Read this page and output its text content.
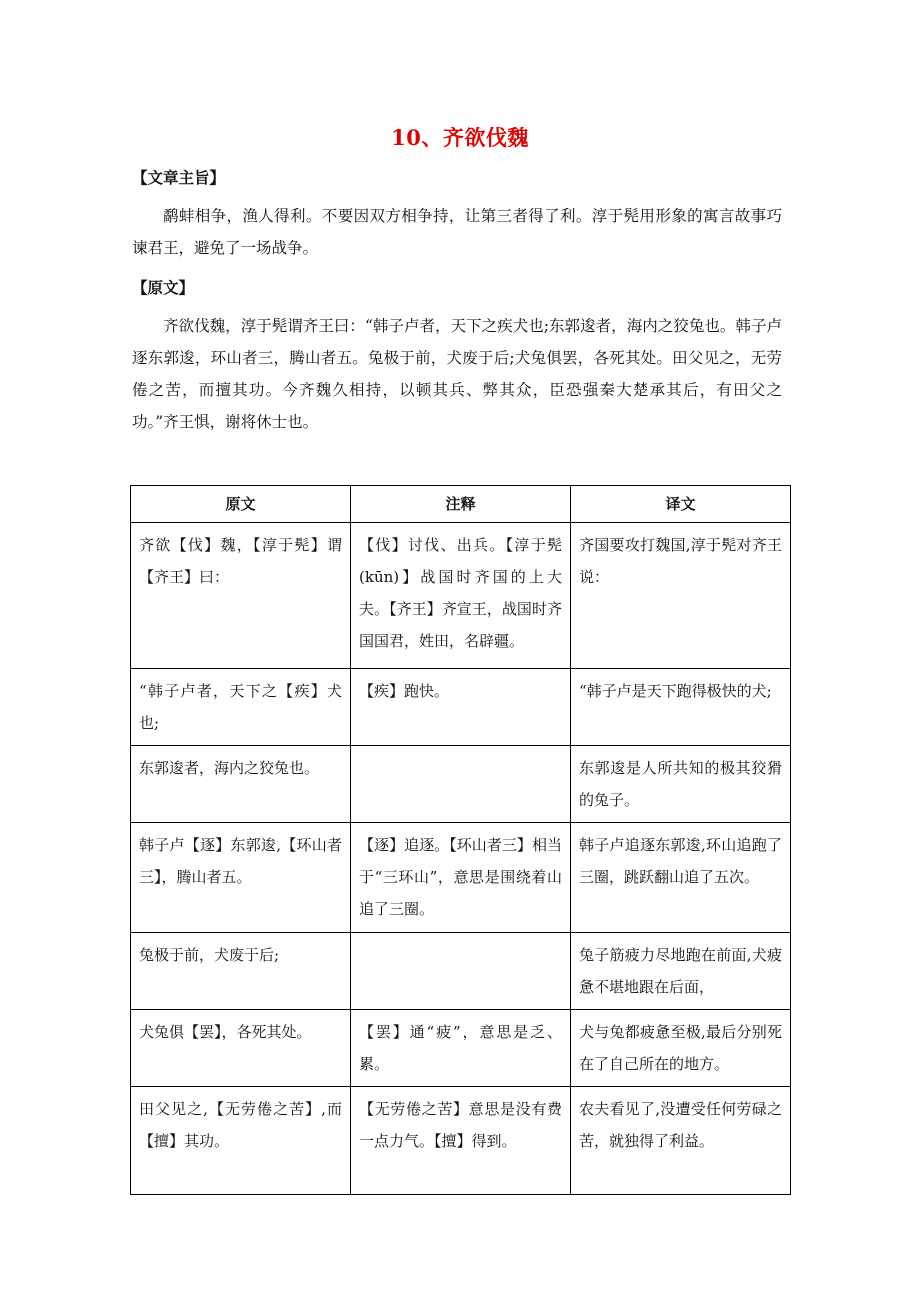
10、齐欲伐魏
【文章主旨】
鹬蚌相争，渔人得利。不要因双方相争持，让第三者得了利。淳于髡用形象的寓言故事巧谏君王，避免了一场战争。
【原文】
齐欲伐魏，淳于髡谓齐王曰：“韩子卢者，天下之疾犬也;东郭逡者，海内之狡兔也。韩子卢逐东郭逡，环山者三，腾山者五。兔极于前，犬废于后;犬兔俱罢，各死其处。田父见之，无劳倦之苦，而擅其功。今齐魏久相持，以顿其兵、弊其众，臣恐强秦大楚承其后，有田父之功。”齐王惧，谢将休士也。
原文	注释	译文
齐欲【伐】魏，【淳于髡】谓【齐王】曰：	【伐】讨伐、出兵。【淳于髡(kūn)】战国时齐国的上大夫。【齐王】齐宣王，战国时齐国国君，姓田，名辟疆。	齐国要攻打魏国,淳于髡对齐王说：
“韩子卢者，天下之【疾】犬也;	【疾】跑快。	“韩子卢是天下跑得极快的犬;
东郭逡者，海内之狡兔也。		东郭逡是人所共知的极其狡猾的兔子。
韩子卢【逐】东郭逡,【环山者三】，腾山者五。	【逐】追逐。【环山者三】相当于“三环山”，意思是围绕着山追了三圈。	韩子卢追逐东郭逡,环山追跑了三圈，跳跃翻山追了五次。
兔极于前，犬废于后;		兔子筋疲力尽地跑在前面,犬疲惫不堪地跟在后面，
犬兔俱【罢】，各死其处。	【罢】通“疲”，意思是乏、累。	犬与兔都疲惫至极,最后分别死在了自己所在的地方。
田父见之,【无劳倦之苦】,而【擅】其功。	【无劳倦之苦】意思是没有费一点力气。【擅】得到。	农夫看见了,没遭受任何劳碌之苦，就独得了利益。
